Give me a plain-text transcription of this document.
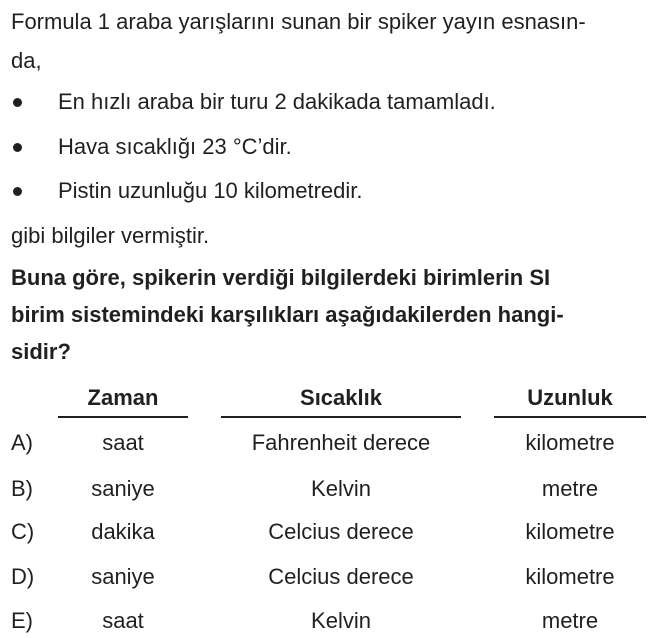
Formula 1 araba yarışlarını sunan bir spiker yayın esnasın-
da,
En hızlı araba bir turu 2 dakikada tamamladı.
Hava sıcaklığı 23 °C’dir.
Pistin uzunluğu 10 kilometredir.
gibi bilgiler vermiştir.
Buna göre, spikerin verdiği bilgilerdeki birimlerin SI
birim sistemindeki karşılıkları aşağıdakilerden hangi-
sidir?
Zaman	Sıcaklık	Uzunluk
A)	saat	Fahrenheit derece	kilometre
B)	saniye	Kelvin	metre
C)	dakika	Celcius derece	kilometre
D)	saniye	Celcius derece	kilometre
E)	saat	Kelvin	metre
